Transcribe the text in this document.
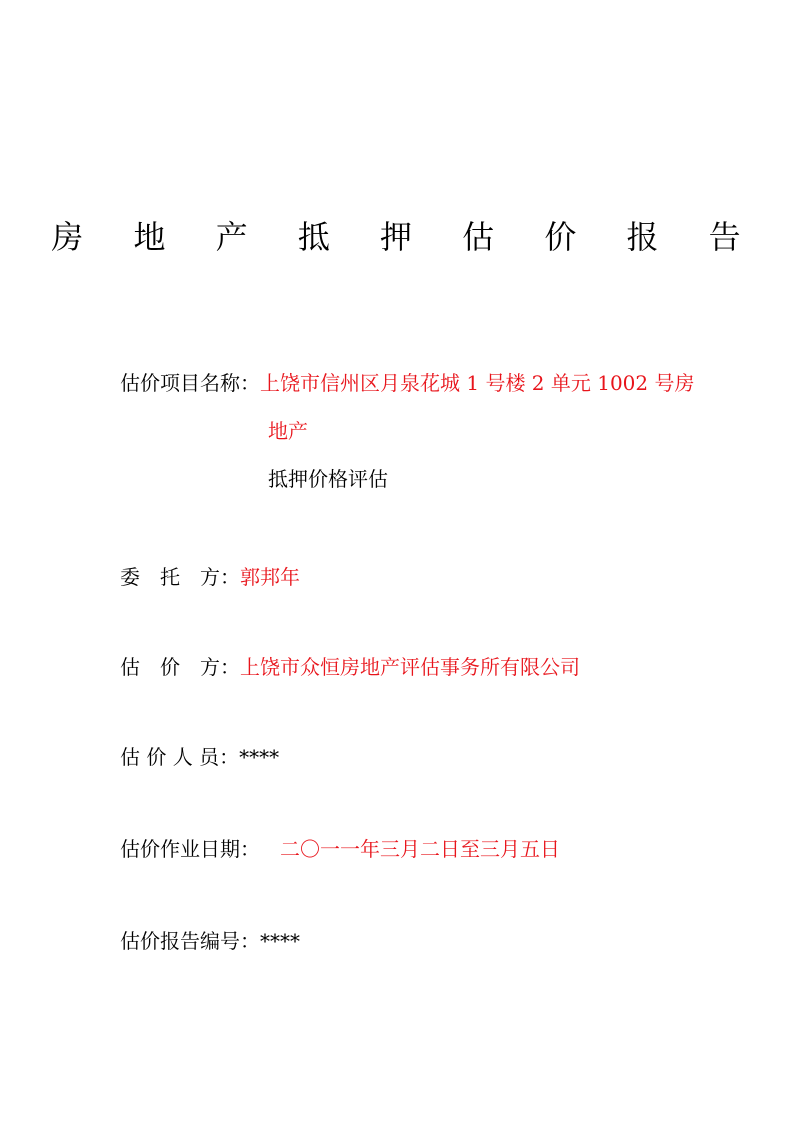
房 地 产 抵 押 估 价 报 告
估价项目名称：上饶市信州区月泉花城 1 号楼 2 单元 1002 号房
地产
抵押价格评估
委　托　方：郭邦年
估　价　方：上饶市众恒房地产评估事务所有限公司
估 价 人 员：****
估价作业日期： 二〇一一年三月二日至三月五日
估价报告编号：****
